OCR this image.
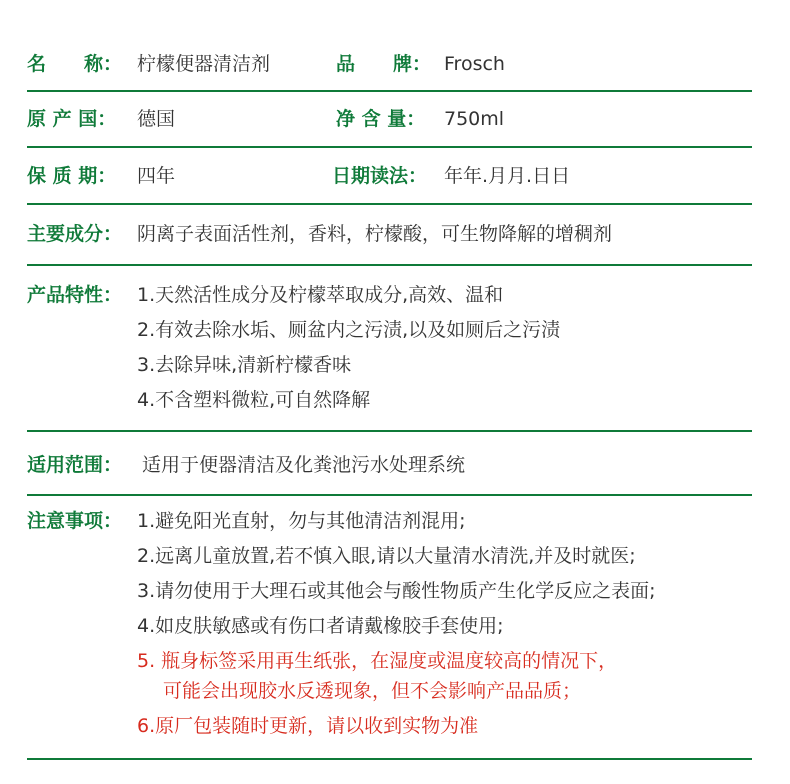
名　　称： 柠檬便器清洁剂	品　　牌： Frosch
原 产 国： 德国	净 含 量： 750ml
保 质 期： 四年	日期读法： 年年.月月.日日
主要成分： 阴离子表面活性剂，香料，柠檬酸，可生物降解的增稠剂
产品特性： 1.天然活性成分及柠檬萃取成分,高效、温和
2.有效去除水垢、厕盆内之污渍,以及如厕后之污渍
3.去除异味,清新柠檬香味
4.不含塑料微粒,可自然降解
适用范围： 适用于便器清洁及化粪池污水处理系统
注意事项： 1.避免阳光直射，勿与其他清洁剂混用;
2.远离儿童放置,若不慎入眼,请以大量清水清洗,并及时就医;
3.请勿使用于大理石或其他会与酸性物质产生化学反应之表面;
4.如皮肤敏感或有伤口者请戴橡胶手套使用;
5. 瓶身标签采用再生纸张，在湿度或温度较高的情况下，
可能会出现胶水反透现象，但不会影响产品品质；
6.原厂包装随时更新，请以收到实物为准
